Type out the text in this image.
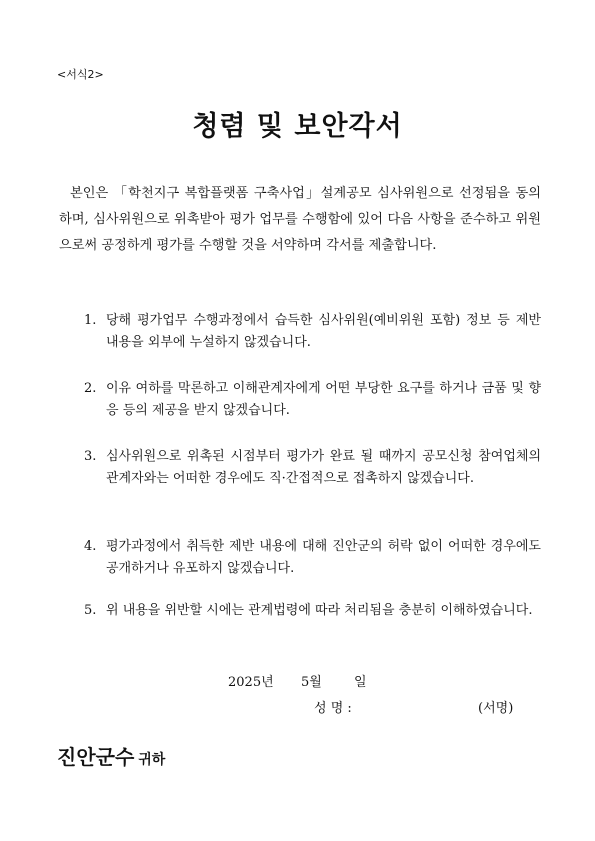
<서식2>
청렴 및 보안각서

본인은 「학천지구 복합플랫폼 구축사업」설계공모 심사위원으로 선정됨을 동의하며, 심사위원으로 위촉받아 평가 업무를 수행함에 있어 다음 사항을 준수하고 위원으로써 공정하게 평가를 수행할 것을 서약하며 각서를 제출합니다.

1. 당해 평가업무 수행과정에서 습득한 심사위원(예비위원 포함) 정보 등 제반 내용을 외부에 누설하지 않겠습니다.
2. 이유 여하를 막론하고 이해관계자에게 어떤 부당한 요구를 하거나 금품 및 향응 등의 제공을 받지 않겠습니다.
3. 심사위원으로 위촉된 시점부터 평가가 완료 될 때까지 공모신청 참여업체의 관계자와는 어떠한 경우에도 직·간접적으로 접촉하지 않겠습니다.
4. 평가과정에서 취득한 제반 내용에 대해 진안군의 허락 없이 어떠한 경우에도 공개하거나 유포하지 않겠습니다.
5. 위 내용을 위반할 시에는 관계법령에 따라 처리됨을 충분히 이해하였습니다.
2025년 5월 일
성 명 :	(서명)
진안군수 귀하
